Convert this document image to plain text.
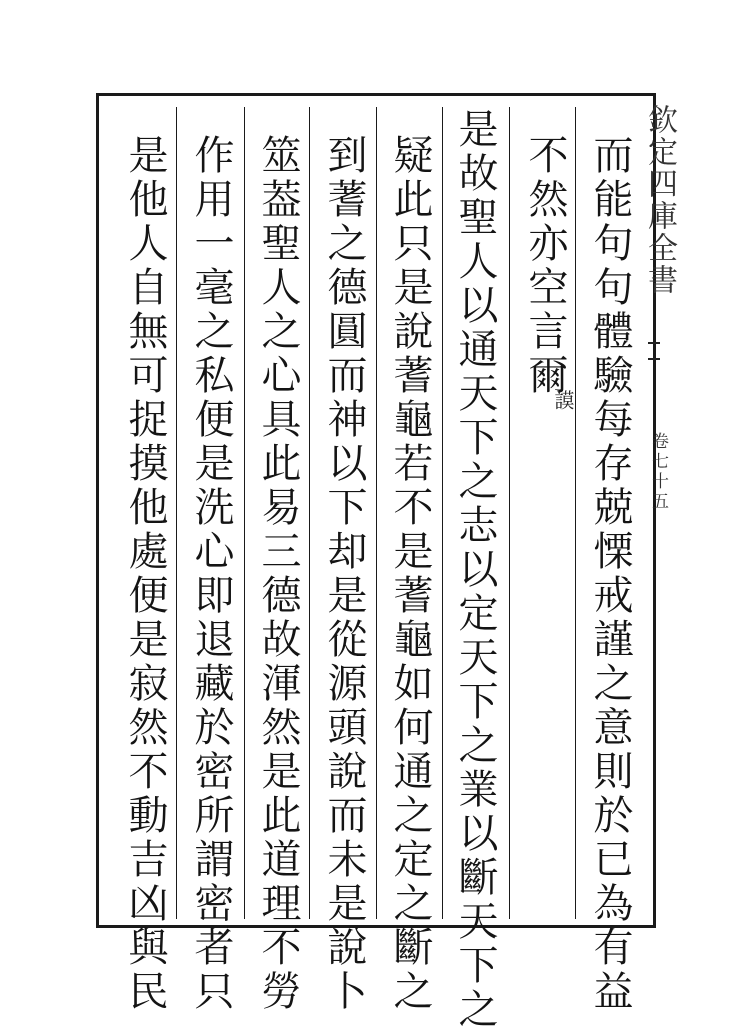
欽定四庫全書
卷七十五
而能句句體驗每存兢慄戒謹之意則於已為有益
不然亦空言爾
謨
是故聖人以通天下之志以定天下之業以斷天下之
疑此只是說蓍龜若不是蓍龜如何通之定之斷之
到蓍之德圓而神以下却是從源頭說而未是說卜
筮葢聖人之心具此易三德故渾然是此道理不勞
作用一毫之私便是洗心即退藏於密所謂密者只
是他人自無可捉摸他處便是寂然不動吉凶與民
